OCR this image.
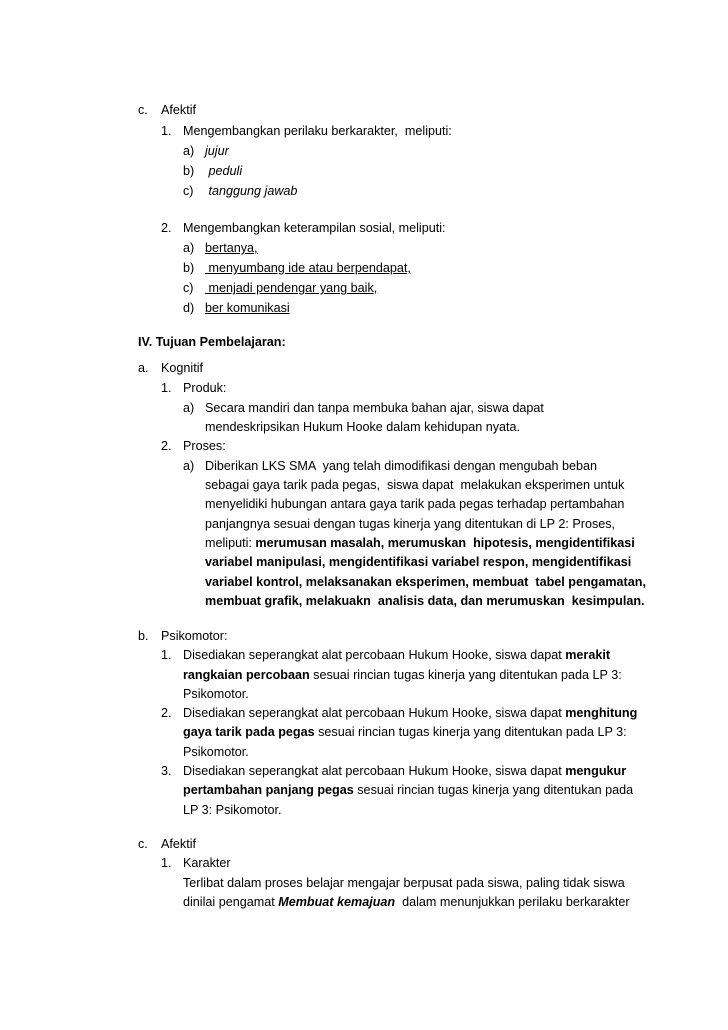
c. Afektif
1. Mengembangkan perilaku berkarakter,  meliputi:
a) jujur
b) peduli
c) tanggung jawab
2. Mengembangkan keterampilan sosial, meliputi:
a) bertanya,
b) menyumbang ide atau berpendapat,
c) menjadi pendengar yang baik,
d) ber komunikasi
IV. Tujuan Pembelajaran:
a. Kognitif
1. Produk:
a) Secara mandiri dan tanpa membuka bahan ajar, siswa dapat
mendeskripsikan Hukum Hooke dalam kehidupan nyata.
2. Proses:
a) Diberikan LKS SMA  yang telah dimodifikasi dengan mengubah beban
sebagai gaya tarik pada pegas,  siswa dapat  melakukan eksperimen untuk
menyelidiki hubungan antara gaya tarik pada pegas terhadap pertambahan
panjangnya sesuai dengan tugas kinerja yang ditentukan di LP 2: Proses,
meliputi: merumusan masalah, merumuskan  hipotesis, mengidentifikasi
variabel manipulasi, mengidentifikasi variabel respon, mengidentifikasi
variabel kontrol, melaksanakan eksperimen, membuat  tabel pengamatan,
membuat grafik, melakuakn  analisis data, dan merumuskan  kesimpulan.
b. Psikomotor:
1. Disediakan seperangkat alat percobaan Hukum Hooke, siswa dapat merakit
rangkaian percobaan sesuai rincian tugas kinerja yang ditentukan pada LP 3:
Psikomotor.
2. Disediakan seperangkat alat percobaan Hukum Hooke, siswa dapat menghitung
gaya tarik pada pegas sesuai rincian tugas kinerja yang ditentukan pada LP 3:
Psikomotor.
3. Disediakan seperangkat alat percobaan Hukum Hooke, siswa dapat mengukur
pertambahan panjang pegas sesuai rincian tugas kinerja yang ditentukan pada
LP 3: Psikomotor.
c. Afektif
1. Karakter
Terlibat dalam proses belajar mengajar berpusat pada siswa, paling tidak siswa
dinilai pengamat Membuat kemajuan  dalam menunjukkan perilaku berkarakter
